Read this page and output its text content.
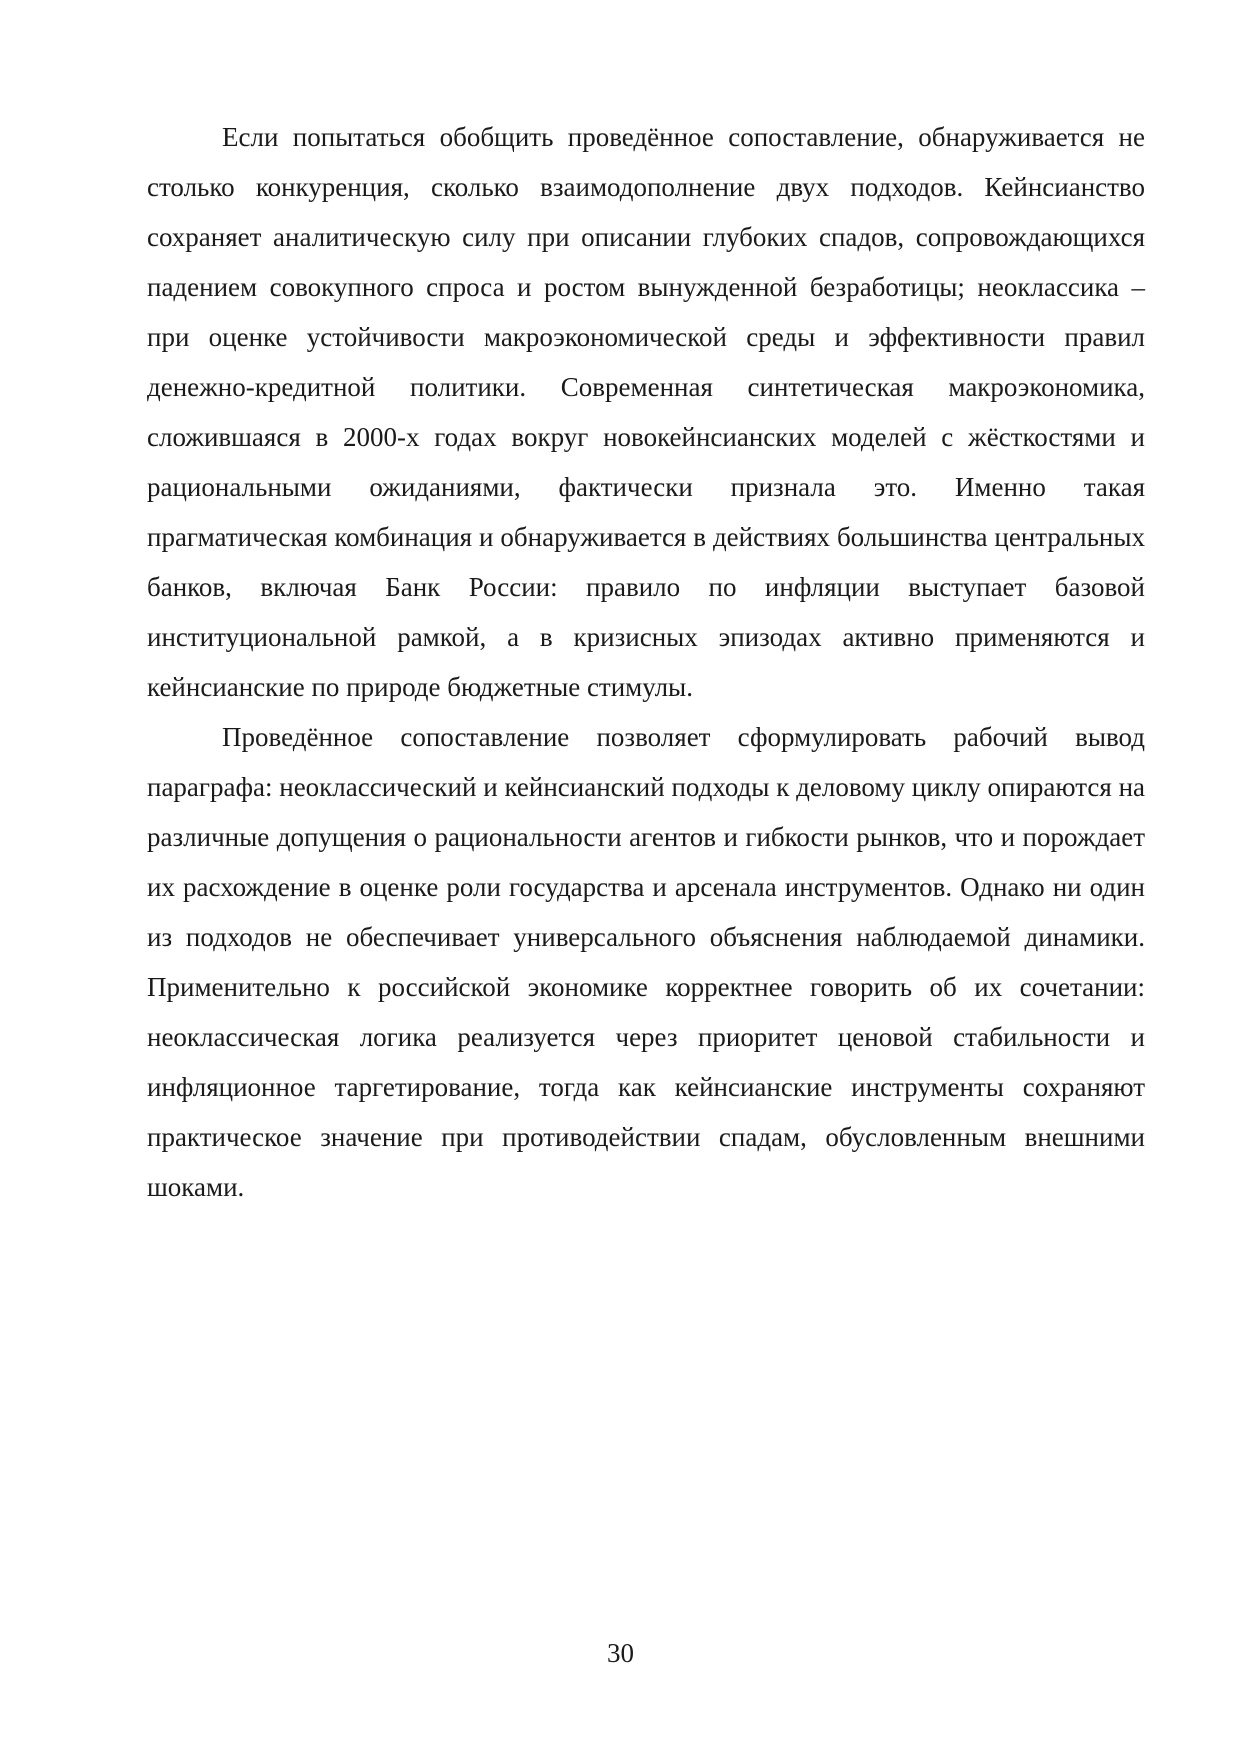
Если попытаться обобщить проведённое сопоставление, обнаруживается не столько конкуренция, сколько взаимодополнение двух подходов. Кейнсианство сохраняет аналитическую силу при описании глубоких спадов, сопровождающихся падением совокупного спроса и ростом вынужденной безработицы; неоклассика – при оценке устойчивости макроэкономической среды и эффективности правил денежно-кредитной политики. Современная синтетическая макроэкономика, сложившаяся в 2000-х годах вокруг новокейнсианских моделей с жёсткостями и рациональными ожиданиями, фактически признала это. Именно такая прагматическая комбинация и обнаруживается в действиях большинства центральных банков, включая Банк России: правило по инфляции выступает базовой институциональной рамкой, а в кризисных эпизодах активно применяются и кейнсианские по природе бюджетные стимулы.

Проведённое сопоставление позволяет сформулировать рабочий вывод параграфа: неоклассический и кейнсианский подходы к деловому циклу опираются на различные допущения о рациональности агентов и гибкости рынков, что и порождает их расхождение в оценке роли государства и арсенала инструментов. Однако ни один из подходов не обеспечивает универсального объяснения наблюдаемой динамики. Применительно к российской экономике корректнее говорить об их сочетании: неоклассическая логика реализуется через приоритет ценовой стабильности и инфляционное таргетирование, тогда как кейнсианские инструменты сохраняют практическое значение при противодействии спадам, обусловленным внешними шоками.

30
